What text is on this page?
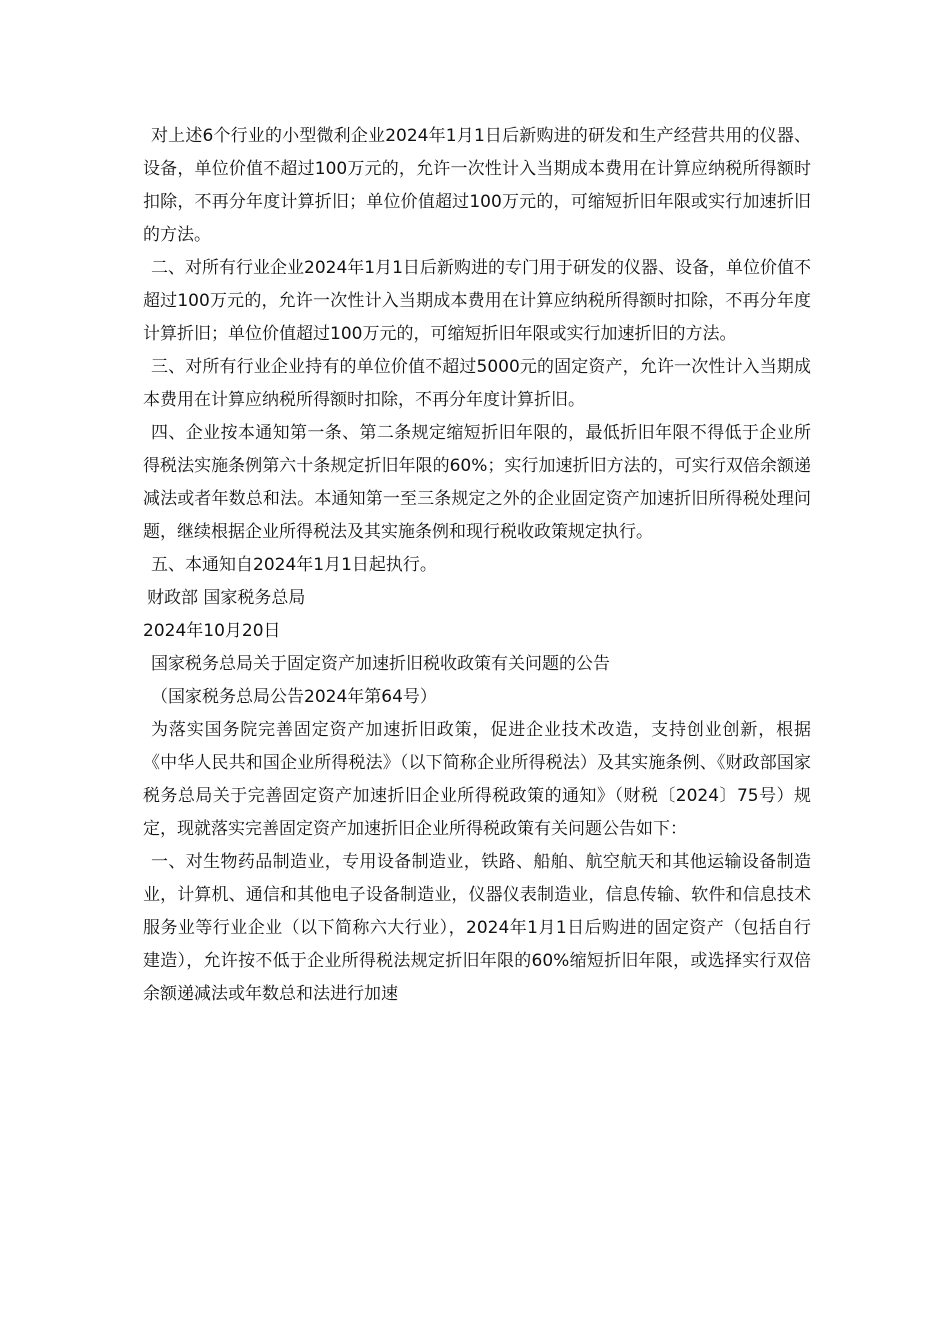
对上述6个行业的小型微利企业2024年1月1日后新购进的研发和生产经营共用的仪器、设备，单位价值不超过100万元的，允许一次性计入当期成本费用在计算应纳税所得额时扣除，不再分年度计算折旧；单位价值超过100万元的，可缩短折旧年限或实行加速折旧的方法。

二、对所有行业企业2024年1月1日后新购进的专门用于研发的仪器、设备，单位价值不超过100万元的，允许一次性计入当期成本费用在计算应纳税所得额时扣除，不再分年度计算折旧；单位价值超过100万元的，可缩短折旧年限或实行加速折旧的方法。

三、对所有行业企业持有的单位价值不超过5000元的固定资产，允许一次性计入当期成本费用在计算应纳税所得额时扣除，不再分年度计算折旧。

四、企业按本通知第一条、第二条规定缩短折旧年限的，最低折旧年限不得低于企业所得税法实施条例第六十条规定折旧年限的60%；实行加速折旧方法的，可实行双倍余额递减法或者年数总和法。本通知第一至三条规定之外的企业固定资产加速折旧所得税处理问题，继续根据企业所得税法及其实施条例和现行税收政策规定执行。

五、本通知自2024年1月1日起执行。

财政部 国家税务总局

2024年10月20日

国家税务总局关于固定资产加速折旧税收政策有关问题的公告

（国家税务总局公告2024年第64号）

为落实国务院完善固定资产加速折旧政策，促进企业技术改造，支持创业创新，根据《中华人民共和国企业所得税法》（以下简称企业所得税法）及其实施条例、《财政部国家税务总局关于完善固定资产加速折旧企业所得税政策的通知》（财税〔2024〕75号）规定，现就落实完善固定资产加速折旧企业所得税政策有关问题公告如下：

一、对生物药品制造业，专用设备制造业，铁路、船舶、航空航天和其他运输设备制造业，计算机、通信和其他电子设备制造业，仪器仪表制造业，信息传输、软件和信息技术服务业等行业企业（以下简称六大行业），2024年1月1日后购进的固定资产（包括自行建造），允许按不低于企业所得税法规定折旧年限的60%缩短折旧年限，或选择实行双倍余额递减法或年数总和法进行加速
